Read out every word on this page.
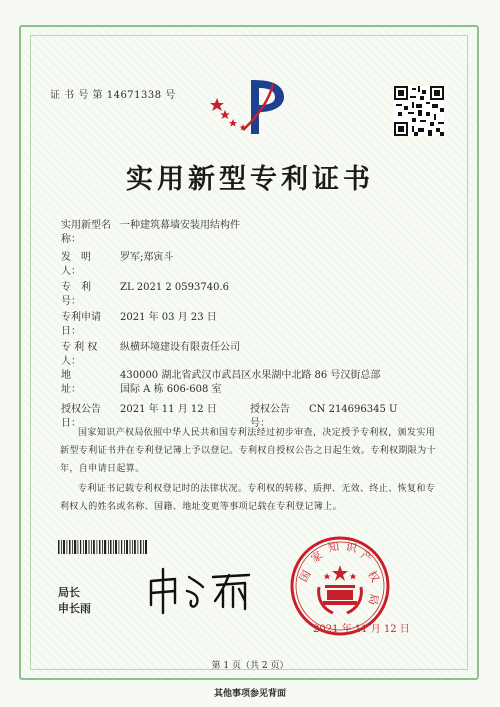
证 书 号 第 14671338 号
实用新型专利证书
实用新型名称：
一种建筑幕墙安装用结构件
发　明　人：
罗军;郑寅斗
专　利　号：
ZL 2021 2 0593740.6
专利申请日：
2021 年 03 月 23 日
专 利 权 人：
纵横环境建设有限责任公司
地　　　址：
430000 湖北省武汉市武昌区水果湖中北路 86 号汉街总部
国际 A 栋 606-608 室
授权公告日：
2021 年 11 月 12 日	授权公告号：
CN 214696345 U
国家知识产权局依照中华人民共和国专利法经过初步审查，决定授予专利权，颁发实用新型专利证书并在专利登记簿上予以登记。专利权自授权公告之日起生效。专利权期限为十年，自申请日起算。
专利证书记载专利权登记时的法律状况。专利权的转移、质押、无效、终止、恢复和专利权人的姓名或名称、国籍、地址变更等事项记载在专利登记簿上。
局长
申长雨
国
家
知 识
产
权
局
2021 年 11 月 12 日
第 1 页（共 2 页）
其他事项参见背面
